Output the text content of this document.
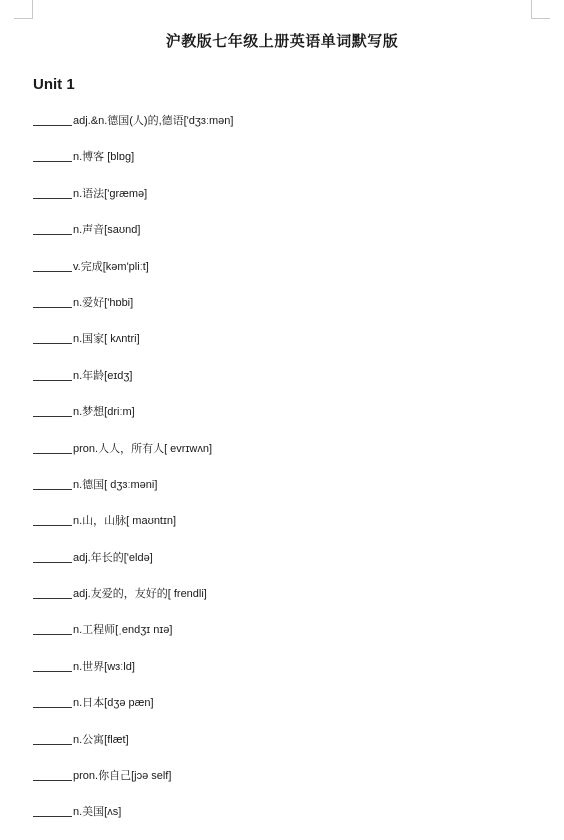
沪教版七年级上册英语单词默写版
Unit 1
adj.&n.德国(人)的,德语['dʒɜːmən]
n.博客 [blɒg]
n.语法['græmə]
n.声音[saʊnd]
v.完成[kəm'pliːt]
n.爱好['hɒbi]
n.国家[ kʌntri]
n.年龄[eɪdʒ]
n.梦想[driːm]
pron.人人，所有人[ evrɪwʌn]
n.德国[ dʒɜːməni]
n.山，山脉[ maʊntɪn]
adj.年长的['eldə]
adj.友爱的，友好的[ frendli]
n.工程师[ˌendʒɪ nɪə]
n.世界[wɜːld]
n.日本[dʒə pæn]
n.公寓[flæt]
pron.你自己[jɔə self]
n.美国[ʌs]
